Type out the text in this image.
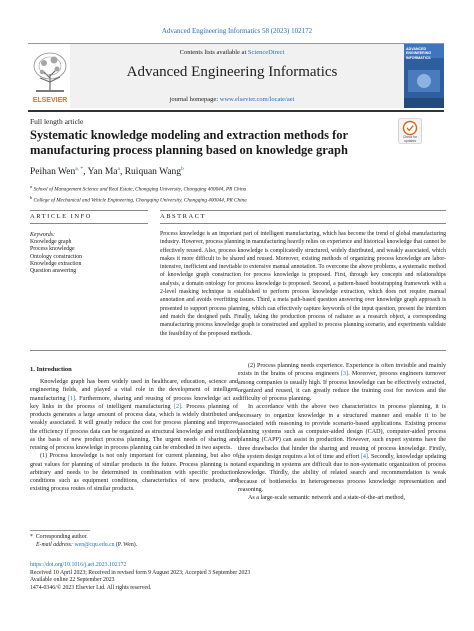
Advanced Engineering Informatics 58 (2023) 102172
ELSEVIER
Contents lists available at ScienceDirect
Advanced Engineering Informatics
journal homepage: www.elsevier.com/locate/aei
ADVANCED ENGINEERING INFORMATICS
Full length article
Systematic knowledge modeling and extraction methods for manufacturing process planning based on knowledge graph
Check for updates
Peihan Wen$^{a, *}$, Yan Ma$^a$, Ruiquan Wang$^b$
$^a$ School of Management Science and Real Estate, Chongqing University, Chongqing 400044, PR China
$^b$ College of Mechanical and Vehicle Engineering, Chongqing University, Chongqing 400044, PR China
ARTICLE INFO	ABSTRACT
Keywords:
Knowledge graph
Process knowledge
Ontology construction
Knowledge extraction
Question answering
Process knowledge is an important part of intelligent manufacturing, which has become the trend of global manufacturing industry. However, process planning in manufacturing heavily relies on experience and historical knowledge that cannot be effectively reused. Also, process knowledge is complicatedly structured, widely distributed, and weakly associated, which makes it more difficult to be shared and reused. Moreover, existing methods of organizing process knowledge are labor-intensive, inefficient and inevitable to extensive manual annotation. To overcome the above problems, a systematic method of knowledge graph construction for process knowledge is proposed. First, through key concepts and relationships analysis, a domain ontology for process knowledge is proposed. Second, a pattern-based bootstrapping framework with a 2-level masking technique is established to perform process knowledge extraction, which does not require manual annotation and avoids overfitting issues. Third, a meta path-based question answering over knowledge graph approach is presented to support process planning, which can effectively capture keywords of the input question, present the intention and match the designed path. Finally, taking the production process of radiator as a research object, a corresponding manufacturing process knowledge graph is constructed and applied to process planning scenario, and experiments validate the feasibility of the proposed methods.
1. Introduction

Knowledge graph has been widely used in healthcare, education, science and engineering fields, and played a vital role in the development of intelligent manufacturing [1]. Furthermore, sharing and reusing of process knowledge act as key links in the process of intelligent manufacturing [2]. Process planning of products generates a large amount of process data, which is widely distributed and weakly associated. It will greatly reduce the cost for process planning and improve the efficiency if process data can be organized as structural knowledge and reutilized as the basis of new product process planning. The urgent needs of sharing and reusing of process knowledge in process planning can be embodied in two aspects.

(1) Process knowledge is not only important for current planning, but also of great values for planning of similar products in the future. Process planning is not arbitrary and needs to be determined in combination with specific production conditions such as equipment conditions, characteristics of new products, and existing process routes of similar products.

(2) Process planning needs experience. Experience is often invisible and mainly exists in the brains of process engineers [3]. Moreover, process engineers turnover among companies is usually high. If process knowledge can be effectively extracted, organized and reused, it can greatly reduce the training cost for novices and the difficulty of process planning.

In accordance with the above two characteristics in process planning, it is necessary to organize knowledge in a structured manner and enable it to be associated with reasoning to provide scenario-based applications. Existing process planning systems such as computer-aided design (CAD), computer-aided process planning (CAPP) can assist in production. However, such expert systems have the three drawbacks that hinder the sharing and reusing of process knowledge. Firstly, the system design requires a lot of time and effort [4]. Secondly, knowledge updating and expanding in systems are difficult due to non-systematic organization of process knowledge. Thirdly, the ability of related search and recommendation is weak because of bottlenecks in heterogeneous process knowledge representation and reasoning.

As a large-scale semantic network and a state-of-the-art method,

* Corresponding author.
E-mail address: wen@cqu.edu.cn (P. Wen).
https://doi.org/10.1016/j.aei.2023.102172
Received 10 April 2023; Received in revised form 9 August 2023; Accepted 3 September 2023
Available online 22 September 2023
1474-0346/© 2023 Elsevier Ltd. All rights reserved.
